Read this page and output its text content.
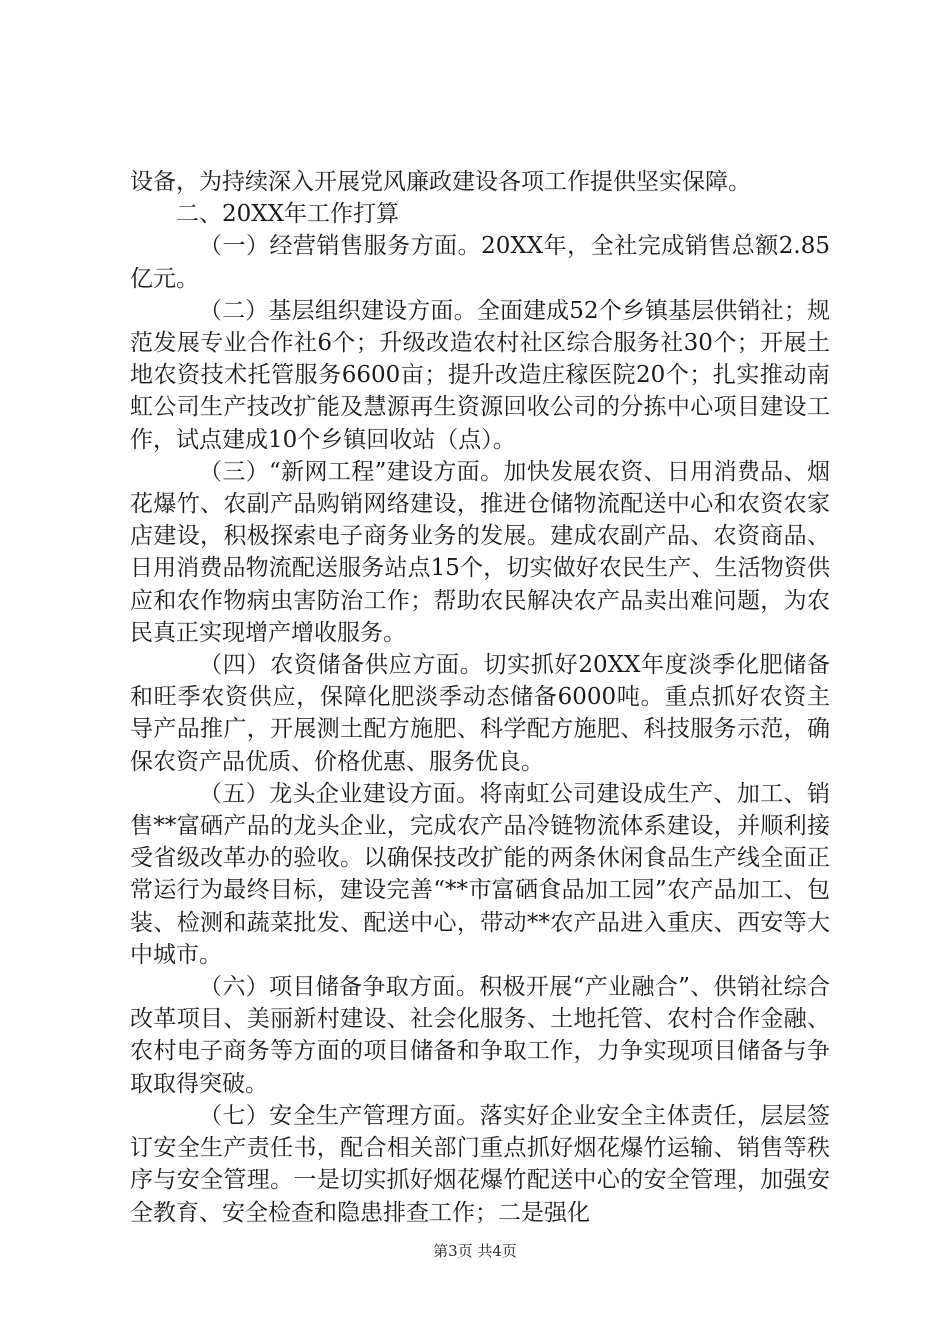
设备，为持续深入开展党风廉政建设各项工作提供坚实保障。

二、20XX年工作打算

（一）经营销售服务方面。20XX年，全社完成销售总额2.85亿元。

（二）基层组织建设方面。全面建成52个乡镇基层供销社；规范发展专业合作社6个；升级改造农村社区综合服务社30个；开展土地农资技术托管服务6600亩；提升改造庄稼医院20个；扎实推动南虹公司生产技改扩能及慧源再生资源回收公司的分拣中心项目建设工作，试点建成10个乡镇回收站（点）。

（三）“新网工程”建设方面。加快发展农资、日用消费品、烟花爆竹、农副产品购销网络建设，推进仓储物流配送中心和农资农家店建设，积极探索电子商务业务的发展。建成农副产品、农资商品、日用消费品物流配送服务站点15个，切实做好农民生产、生活物资供应和农作物病虫害防治工作；帮助农民解决农产品卖出难问题，为农民真正实现增产增收服务。

（四）农资储备供应方面。切实抓好20XX年度淡季化肥储备和旺季农资供应，保障化肥淡季动态储备6000吨。重点抓好农资主导产品推广，开展测土配方施肥、科学配方施肥、科技服务示范，确保农资产品优质、价格优惠、服务优良。

（五）龙头企业建设方面。将南虹公司建设成生产、加工、销售**富硒产品的龙头企业，完成农产品冷链物流体系建设，并顺利接受省级改革办的验收。以确保技改扩能的两条休闲食品生产线全面正常运行为最终目标，建设完善“**市富硒食品加工园”农产品加工、包装、检测和蔬菜批发、配送中心，带动**农产品进入重庆、西安等大中城市。

（六）项目储备争取方面。积极开展“产业融合”、供销社综合改革项目、美丽新村建设、社会化服务、土地托管、农村合作金融、农村电子商务等方面的项目储备和争取工作，力争实现项目储备与争取取得突破。

（七）安全生产管理方面。落实好企业安全主体责任，层层签订安全生产责任书，配合相关部门重点抓好烟花爆竹运输、销售等秩序与安全管理。一是切实抓好烟花爆竹配送中心的安全管理，加强安全教育、安全检查和隐患排查工作；二是强化

第3页 共4页
